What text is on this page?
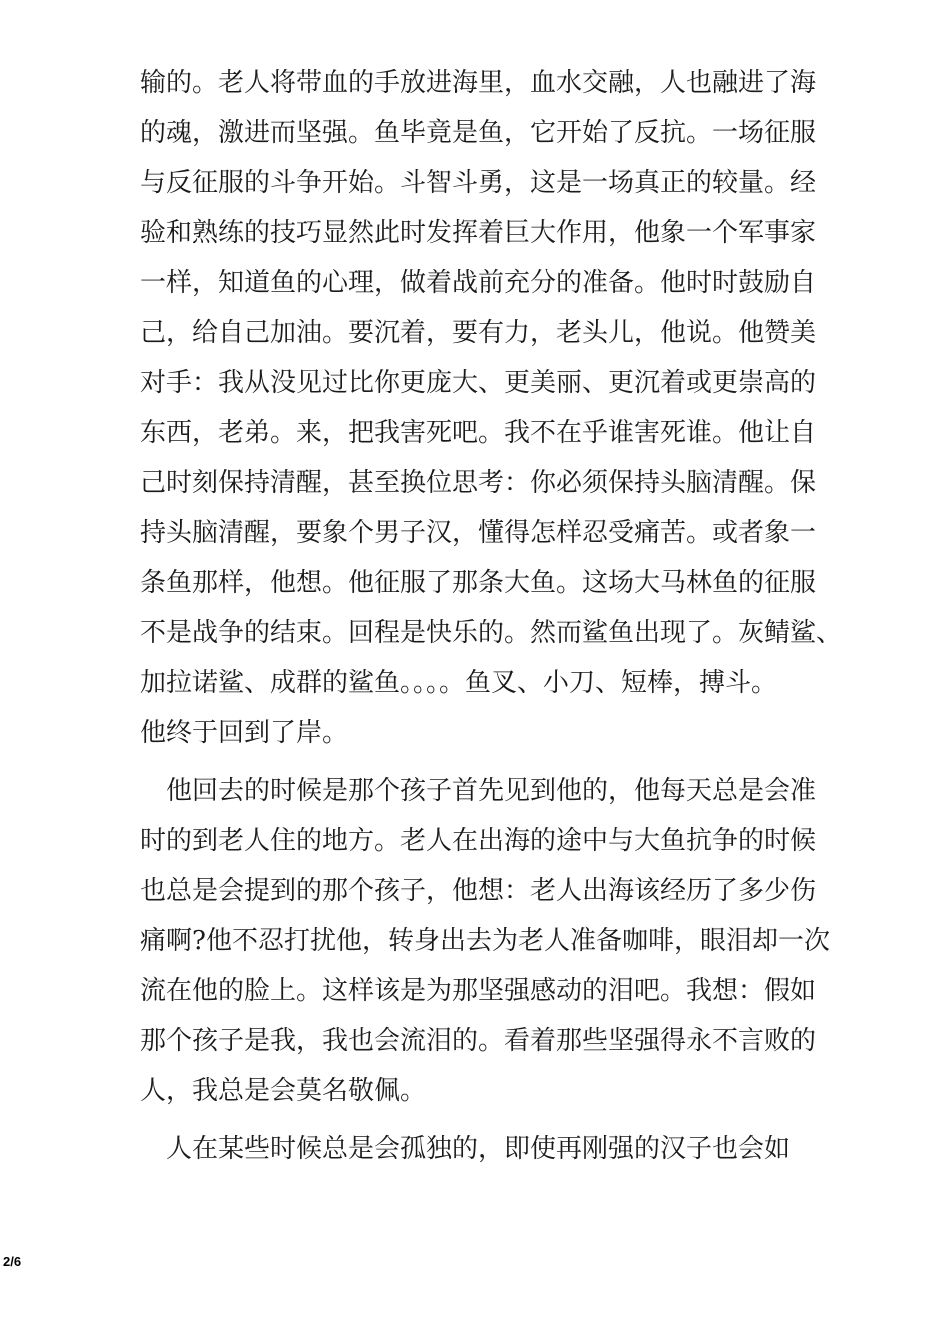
输的。老人将带血的手放进海里，血水交融，人也融进了海
的魂，激进而坚强。鱼毕竟是鱼，它开始了反抗。一场征服
与反征服的斗争开始。斗智斗勇，这是一场真正的较量。经
验和熟练的技巧显然此时发挥着巨大作用，他象一个军事家
一样，知道鱼的心理，做着战前充分的准备。他时时鼓励自
己，给自己加油。要沉着，要有力，老头儿，他说。他赞美
对手：我从没见过比你更庞大、更美丽、更沉着或更崇高的
东西，老弟。来，把我害死吧。我不在乎谁害死谁。他让自
己时刻保持清醒，甚至换位思考：你必须保持头脑清醒。保
持头脑清醒，要象个男子汉，懂得怎样忍受痛苦。或者象一
条鱼那样，他想。他征服了那条大鱼。这场大马林鱼的征服
不是战争的结束。回程是快乐的。然而鲨鱼出现了。灰鲭鲨、
加拉诺鲨、成群的鲨鱼。。。。鱼叉、小刀、短棒，搏斗。
他终于回到了岸。
　他回去的时候是那个孩子首先见到他的，他每天总是会准
时的到老人住的地方。老人在出海的途中与大鱼抗争的时候
也总是会提到的那个孩子，他想：老人出海该经历了多少伤
痛啊?他不忍打扰他，转身出去为老人准备咖啡，眼泪却一次
流在他的脸上。这样该是为那坚强感动的泪吧。我想：假如
那个孩子是我，我也会流泪的。看着那些坚强得永不言败的
人，我总是会莫名敬佩。
　人在某些时候总是会孤独的，即使再刚强的汉子也会如
2/6
